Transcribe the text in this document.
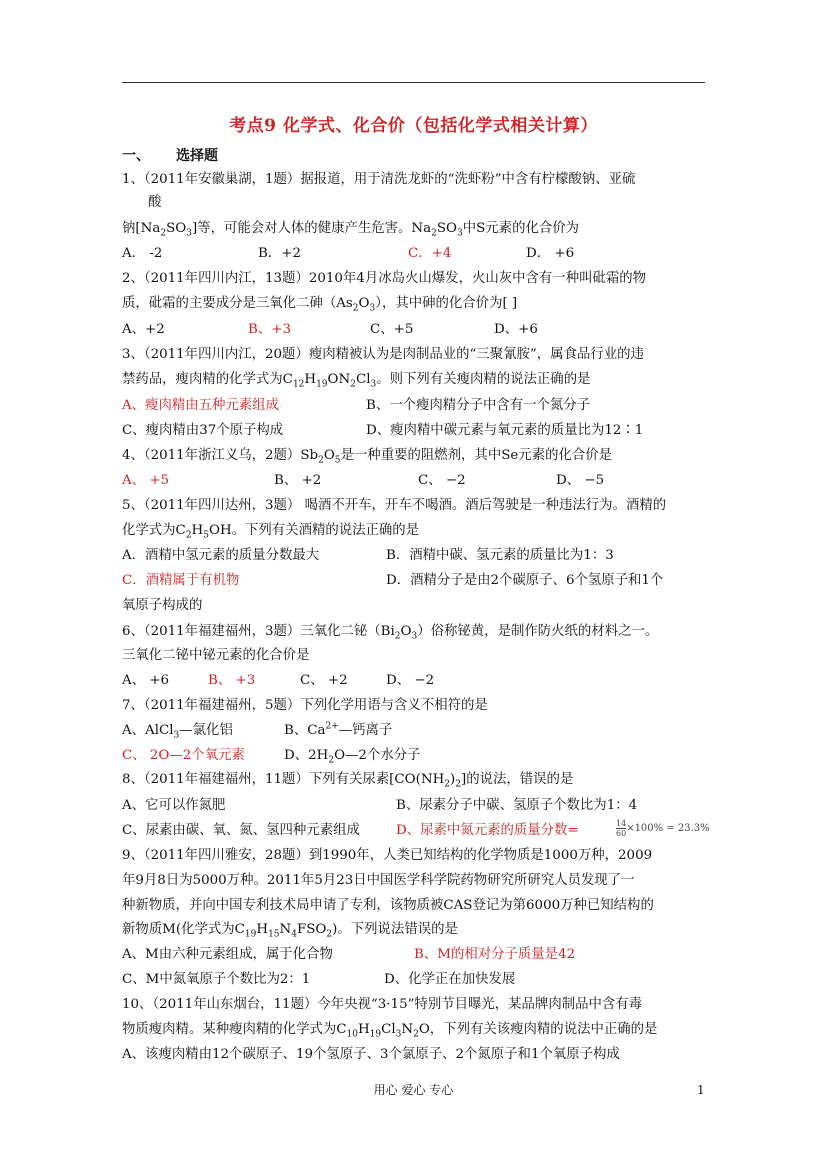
考点9 化学式、化合价（包括化学式相关计算）
一、 选择题
1、（2011年安徽巢湖，1题）据报道，用于清洗龙虾的“洗虾粉”中含有柠檬酸钠、亚硫
酸
钠$[Na_2SO_3]$等，可能会对人体的健康产生危害。$Na_2SO_3$中S元素的化合价为
A． -2	B．+2	C．+4	D． +6
2、（2011年四川内江，13题）2010年4月冰岛火山爆发，火山灰中含有一种叫砒霜的物
质，砒霜的主要成分是三氧化二砷$(As_2O_3)$，其中砷的化合价为[ ]
A、+2	B、+3	C、+5	D、+6
3、（2011年四川内江，20题）瘦肉精被认为是肉制品业的“三聚氰胺”，属食品行业的违
禁药品，瘦肉精的化学式为$C_{12}H_{19}ON_2Cl_3$。则下列有关瘦肉精的说法正确的是
A、瘦肉精由五种元素组成	B、一个瘦肉精分子中含有一个氮分子
C、瘦肉精由37个原子构成	D、瘦肉精中碳元素与氧元素的质量比为12∶1
4、（2011年浙江义乌，2题）$Sb_2O_5$是一种重要的阻燃剂，其中Se元素的化合价是
A、 +5	B、 +2	C、 −2	D、 −5
5、（2011年四川达州，3题） 喝酒不开车，开车不喝酒。酒后驾驶是一种违法行为。酒精的
化学式为$C_2H_5OH$。下列有关酒精的说法正确的是
A．酒精中氢元素的质量分数最大	B．酒精中碳、氢元素的质量比为1：3
C．酒精属于有机物	D．酒精分子是由2个碳原子、6个氢原子和1个
氧原子构成的
6、（2011年福建福州，3题）三氧化二铋$(Bi_2O_3)$俗称铋黄，是制作防火纸的材料之一。
三氧化二铋中铋元素的化合价是
A、 +6	B、 +3	C、 +2	D、 −2
7、（2011年福建福州，5题）下列化学用语与含义不相符的是
A、AlCl$_3$—氯化铝	B、$Ca^{2+}—$钙离子
C、 2O—2个氧元素	D、$2H_2O—2$个水分子
8、（2011年福建福州，11题）下列有关尿素$[CO(NH_2)_2]$的说法，错误的是
A、它可以作氮肥	B、尿素分子中碳、氢原子个数比为1：4
C、尿素由碳、氧、氮、氢四种元素组成	D、尿素中氮元素的质量分数=	$\frac{14}{60}\times 100\% = 23.3\%$
9、（2011年四川雅安，28题）到1990年，人类已知结构的化学物质是1000万种，2009
年9月8日为5000万种。2011年5月23日中国医学科学院药物研究所研究人员发现了一
种新物质，并向中国专利技术局申请了专利，该物质被CAS登记为第6000万种已知结构的
新物质M(化学式为$C_{19}H_{15}N_4FSO_2$)。下列说法错误的是
A、M由六种元素组成，属于化合物	B、M的相对分子质量是42
C、M中氮氧原子个数比为2：1	D、化学正在加快发展
10、（2011年山东烟台，11题）今年央视“3·15”特别节目曝光，某品牌肉制品中含有毒
物质瘦肉精。某种瘦肉精的化学式为$C_{10}H_{19}Cl_3N_2O$，下列有关该瘦肉精的说法中正确的是
A、该瘦肉精由12个碳原子、19个氢原子、3个氯原子、2个氮原子和1个氧原子构成
用心 爱心 专心	1
